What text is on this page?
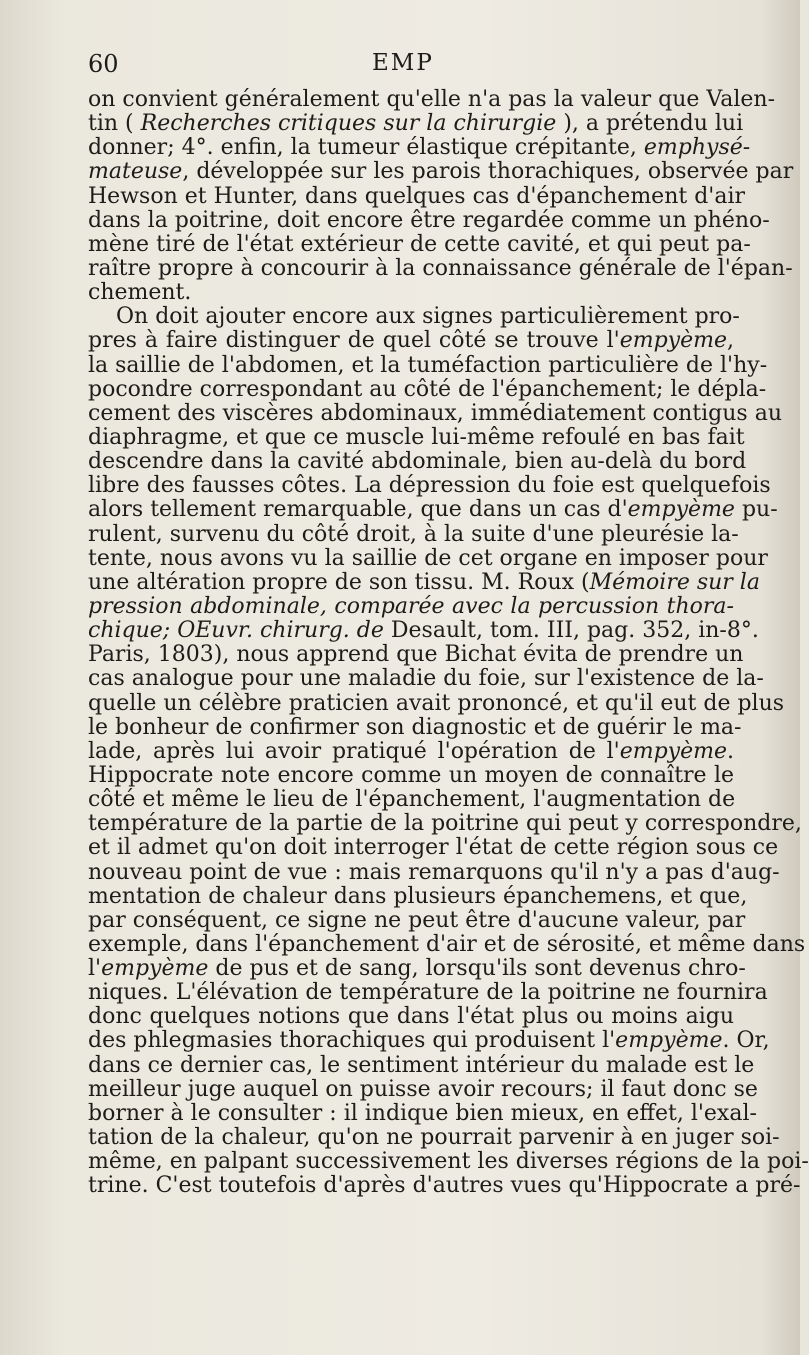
60	EMP
on convient généralement qu'elle n'a pas la valeur que Valen-
tin ( Recherches critiques sur la chirurgie ), a prétendu lui
donner; 4°. enfin, la tumeur élastique crépitante, emphysé-
mateuse, développée sur les parois thorachiques, observée par
Hewson et Hunter, dans quelques cas d'épanchement d'air
dans la poitrine, doit encore être regardée comme un phéno-
mène tiré de l'état extérieur de cette cavité, et qui peut pa-
raître propre à concourir à la connaissance générale de l'épan-
chement.
On doit ajouter encore aux signes particulièrement pro-
pres à faire distinguer de quel côté se trouve l'empyème,
la saillie de l'abdomen, et la tuméfaction particulière de l'hy-
pocondre correspondant au côté de l'épanchement; le dépla-
cement des viscères abdominaux, immédiatement contigus au
diaphragme, et que ce muscle lui-même refoulé en bas fait
descendre dans la cavité abdominale, bien au-delà du bord
libre des fausses côtes. La dépression du foie est quelquefois
alors tellement remarquable, que dans un cas d'empyème pu-
rulent, survenu du côté droit, à la suite d'une pleurésie la-
tente, nous avons vu la saillie de cet organe en imposer pour
une altération propre de son tissu. M. Roux (Mémoire sur la
pression abdominale, comparée avec la percussion thora-
chique; OEuvr. chirurg. de Desault, tom. III, pag. 352, in-8°.
Paris, 1803), nous apprend que Bichat évita de prendre un
cas analogue pour une maladie du foie, sur l'existence de la-
quelle un célèbre praticien avait prononcé, et qu'il eut de plus
le bonheur de confirmer son diagnostic et de guérir le ma-
lade, après lui avoir pratiqué l'opération de l'empyème.
Hippocrate note encore comme un moyen de connaître le
côté et même le lieu de l'épanchement, l'augmentation de
température de la partie de la poitrine qui peut y correspondre,
et il admet qu'on doit interroger l'état de cette région sous ce
nouveau point de vue : mais remarquons qu'il n'y a pas d'aug-
mentation de chaleur dans plusieurs épanchemens, et que,
par conséquent, ce signe ne peut être d'aucune valeur, par
exemple, dans l'épanchement d'air et de sérosité, et même dans
l'empyème de pus et de sang, lorsqu'ils sont devenus chro-
niques. L'élévation de température de la poitrine ne fournira
donc quelques notions que dans l'état plus ou moins aigu
des phlegmasies thorachiques qui produisent l'empyème. Or,
dans ce dernier cas, le sentiment intérieur du malade est le
meilleur juge auquel on puisse avoir recours; il faut donc se
borner à le consulter : il indique bien mieux, en effet, l'exal-
tation de la chaleur, qu'on ne pourrait parvenir à en juger soi-
même, en palpant successivement les diverses régions de la poi-
trine. C'est toutefois d'après d'autres vues qu'Hippocrate a pré-
